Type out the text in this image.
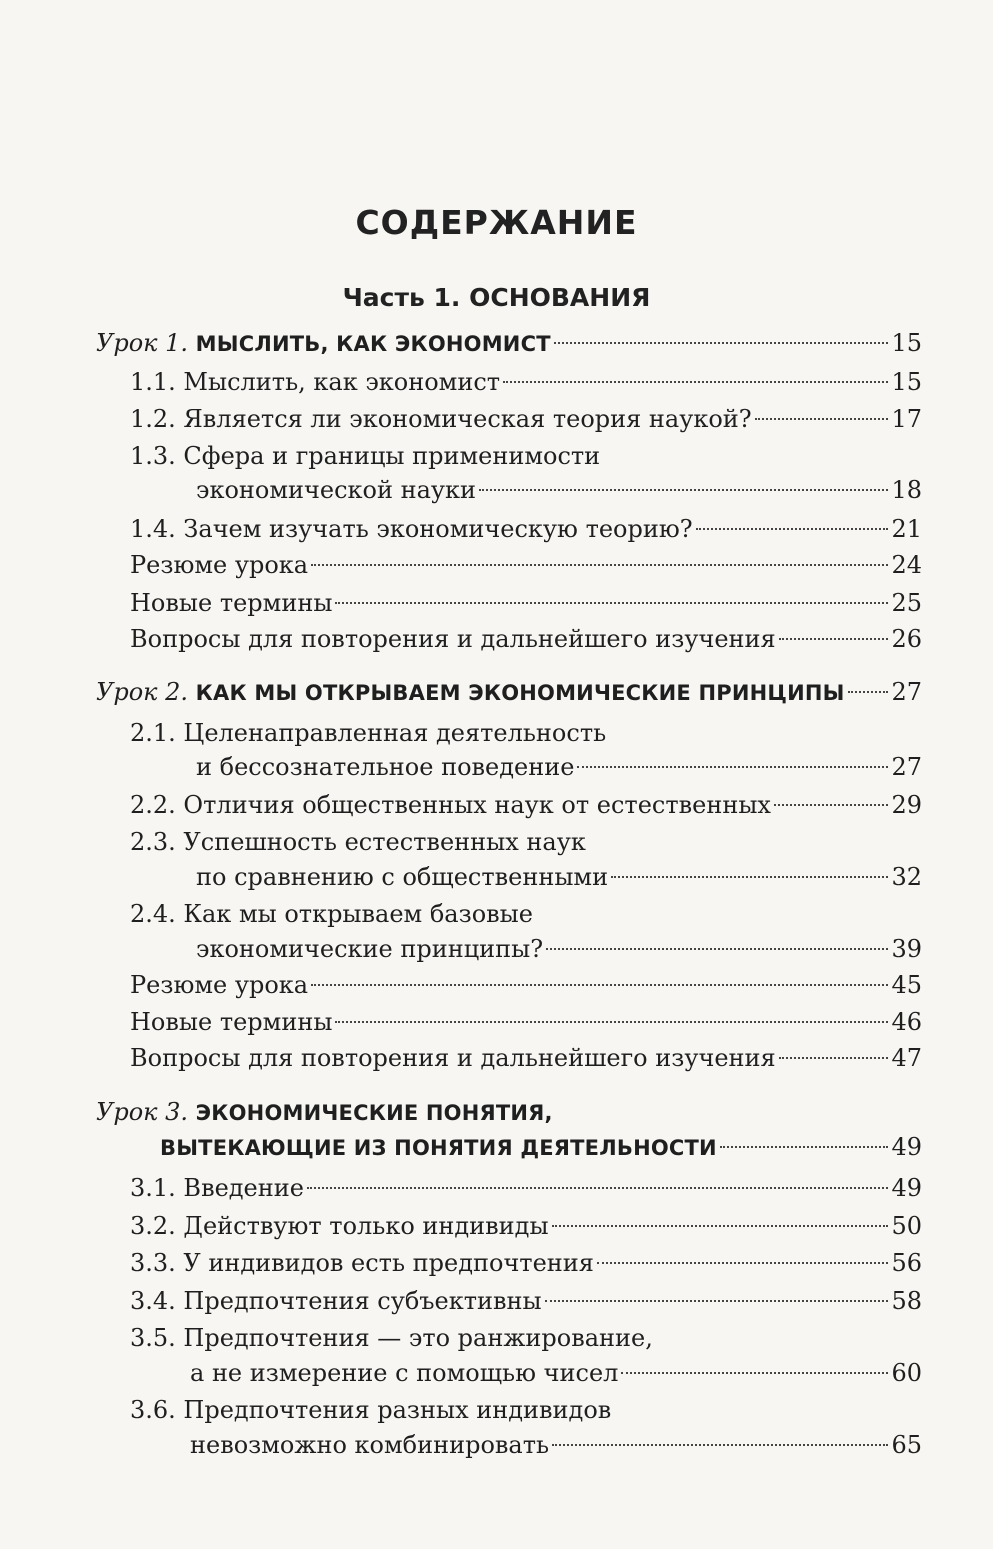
СОДЕРЖАНИЕ
Часть 1. ОСНОВАНИЯ
Урок 1. МЫСЛИТЬ, КАК ЭКОНОМИСТ	15
1.1. Мыслить, как экономист	15
1.2. Является ли экономическая теория наукой?	17
1.3. Сфера и границы применимости
экономической науки	18
1.4. Зачем изучать экономическую теорию?	21
Резюме урока	24
Новые термины	25
Вопросы для повторения и дальнейшего изучения	26
Урок 2. КАК МЫ ОТКРЫВАЕМ ЭКОНОМИЧЕСКИЕ ПРИНЦИПЫ 27
2.1. Целенаправленная деятельность
и бессознательное поведение	27
2.2. Отличия общественных наук от естественных	29
2.3. Успешность естественных наук
по сравнению с общественными	32
2.4. Как мы открываем базовые
экономические принципы?	39
Резюме урока	45
Новые термины	46
Вопросы для повторения и дальнейшего изучения	47
Урок 3. ЭКОНОМИЧЕСКИЕ ПОНЯТИЯ,
ВЫТЕКАЮЩИЕ ИЗ ПОНЯТИЯ ДЕЯТЕЛЬНОСТИ	49
3.1. Введение	49
3.2. Действуют только индивиды	50
3.3. У индивидов есть предпочтения	56
3.4. Предпочтения субъективны	58
3.5. Предпочтения — это ранжирование,
а не измерение с помощью чисел	60
3.6. Предпочтения разных индивидов
невозможно комбинировать	65
